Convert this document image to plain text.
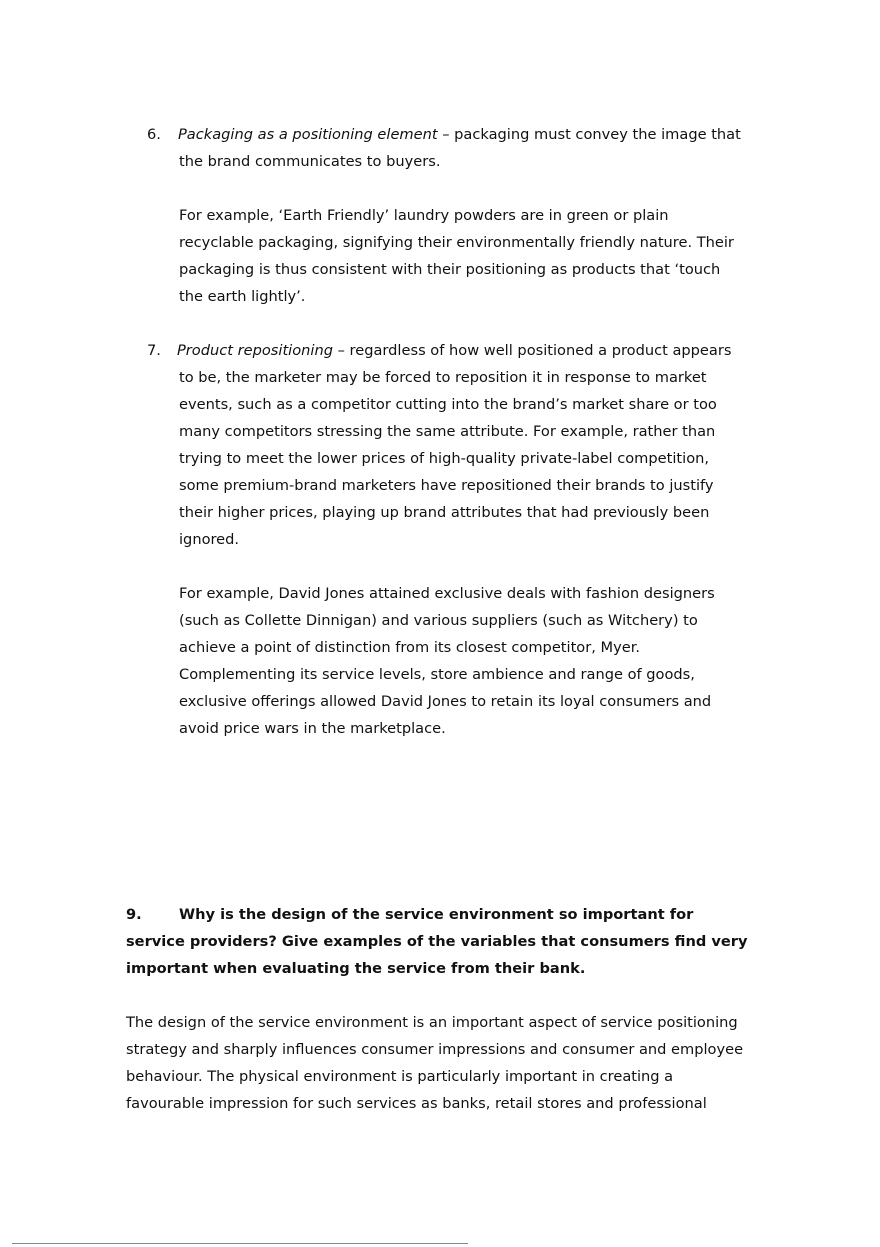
6. Packaging as a positioning element – packaging must convey the image that
the brand communicates to buyers.
For example, ‘Earth Friendly’ laundry powders are in green or plain
recyclable packaging, signifying their environmentally friendly nature. Their
packaging is thus consistent with their positioning as products that ‘touch
the earth lightly’.
7. Product repositioning – regardless of how well positioned a product appears
to be, the marketer may be forced to reposition it in response to market
events, such as a competitor cutting into the brand’s market share or too
many competitors stressing the same attribute. For example, rather than
trying to meet the lower prices of high-quality private-label competition,
some premium-brand marketers have repositioned their brands to justify
their higher prices, playing up brand attributes that had previously been
ignored.
For example, David Jones attained exclusive deals with fashion designers
(such as Collette Dinnigan) and various suppliers (such as Witchery) to
achieve a point of distinction from its closest competitor, Myer.
Complementing its service levels, store ambience and range of goods,
exclusive offerings allowed David Jones to retain its loyal consumers and
avoid price wars in the marketplace.
9.	Why is the design of the service environment so important for
service providers? Give examples of the variables that consumers find very
important when evaluating the service from their bank.
The design of the service environment is an important aspect of service positioning
strategy and sharply influences consumer impressions and consumer and employee
behaviour. The physical environment is particularly important in creating a
favourable impression for such services as banks, retail stores and professional
